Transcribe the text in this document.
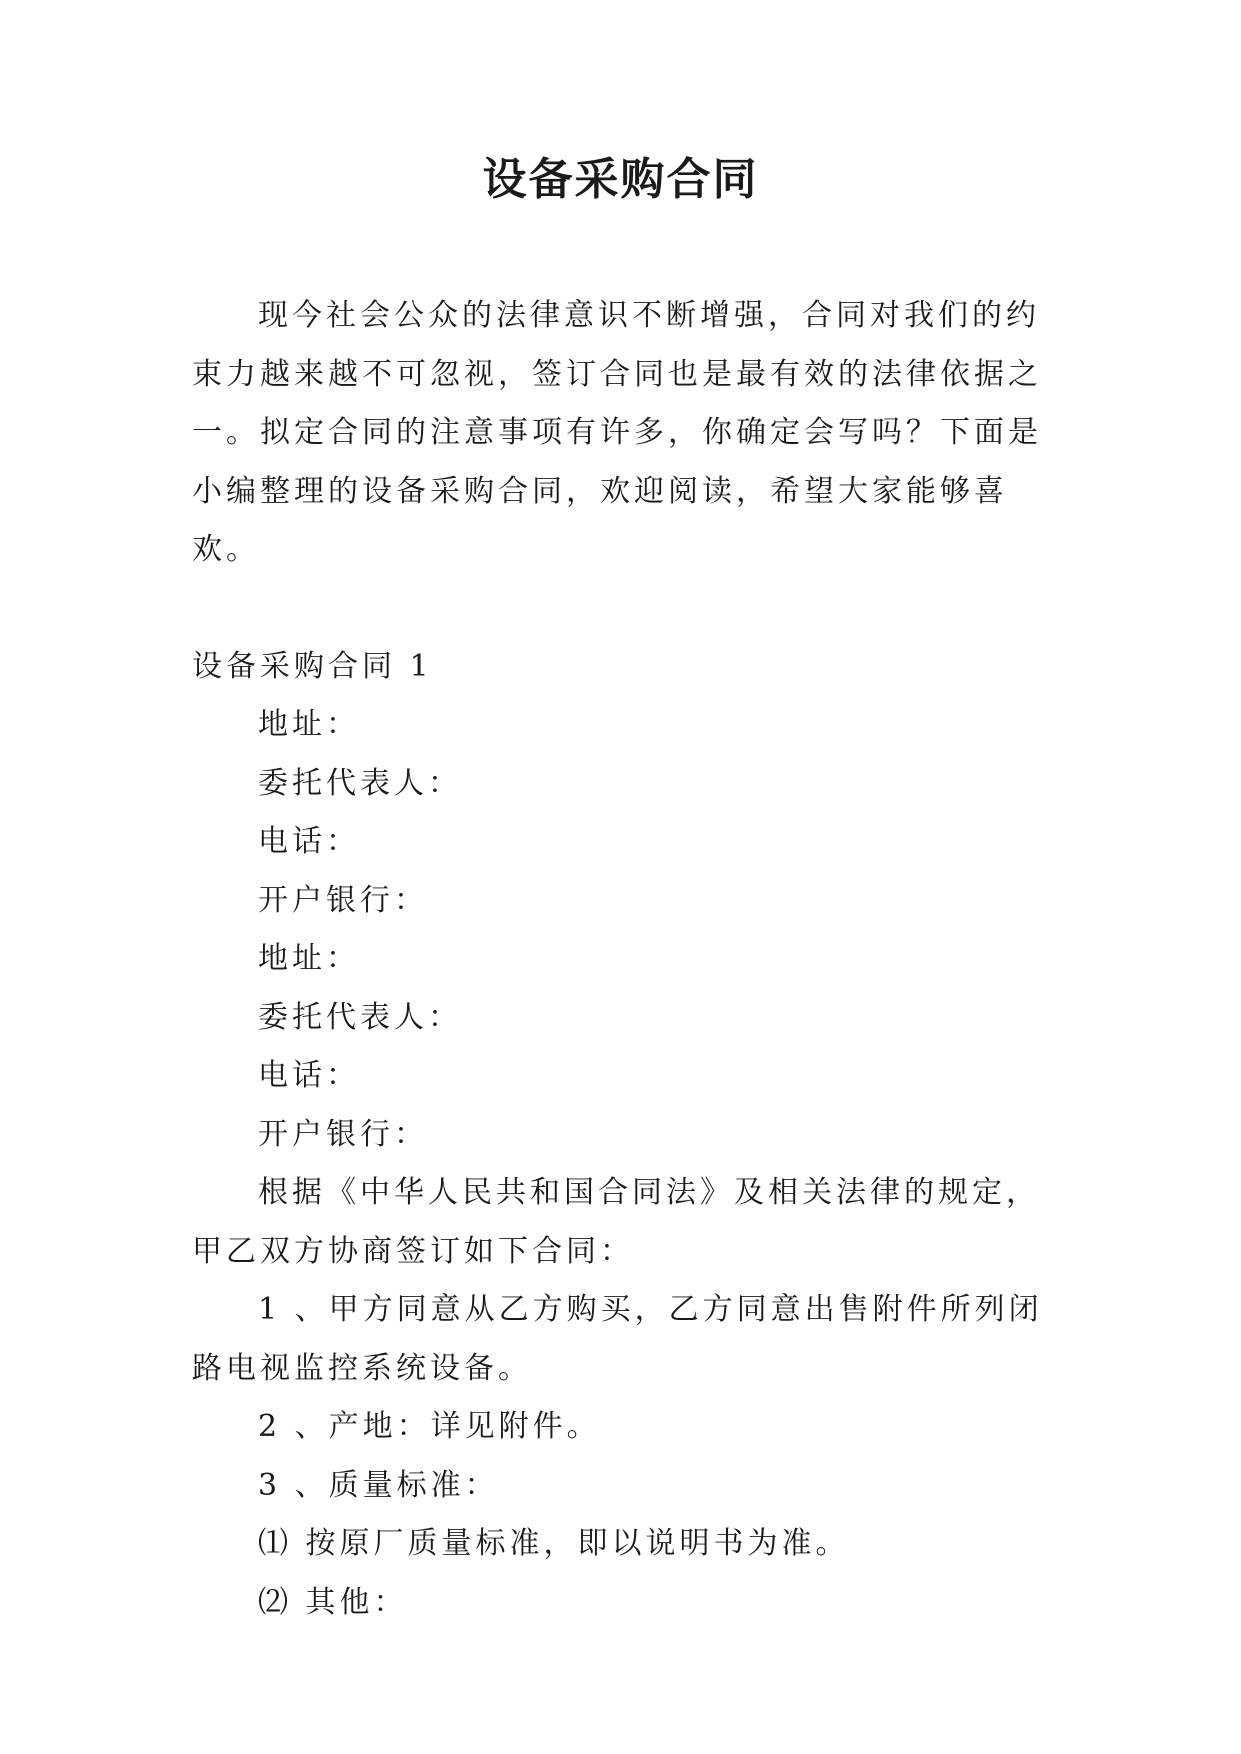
设备采购合同

现今社会公众的法律意识不断增强，合同对我们的约束力越来越不可忽视，签订合同也是最有效的法律依据之一。拟定合同的注意事项有许多，你确定会写吗？下面是小编整理的设备采购合同，欢迎阅读，希望大家能够喜欢。

设备采购合同 1

地址：

委托代表人：

电话：

开户银行：

地址：

委托代表人：

电话：

开户银行：

根据《中华人民共和国合同法》及相关法律的规定，甲乙双方协商签订如下合同：

1 、甲方同意从乙方购买，乙方同意出售附件所列闭路电视监控系统设备。

2 、产地：详见附件。

3 、质量标准：

⑴ 按原厂质量标准，即以说明书为准。

⑵ 其他：
